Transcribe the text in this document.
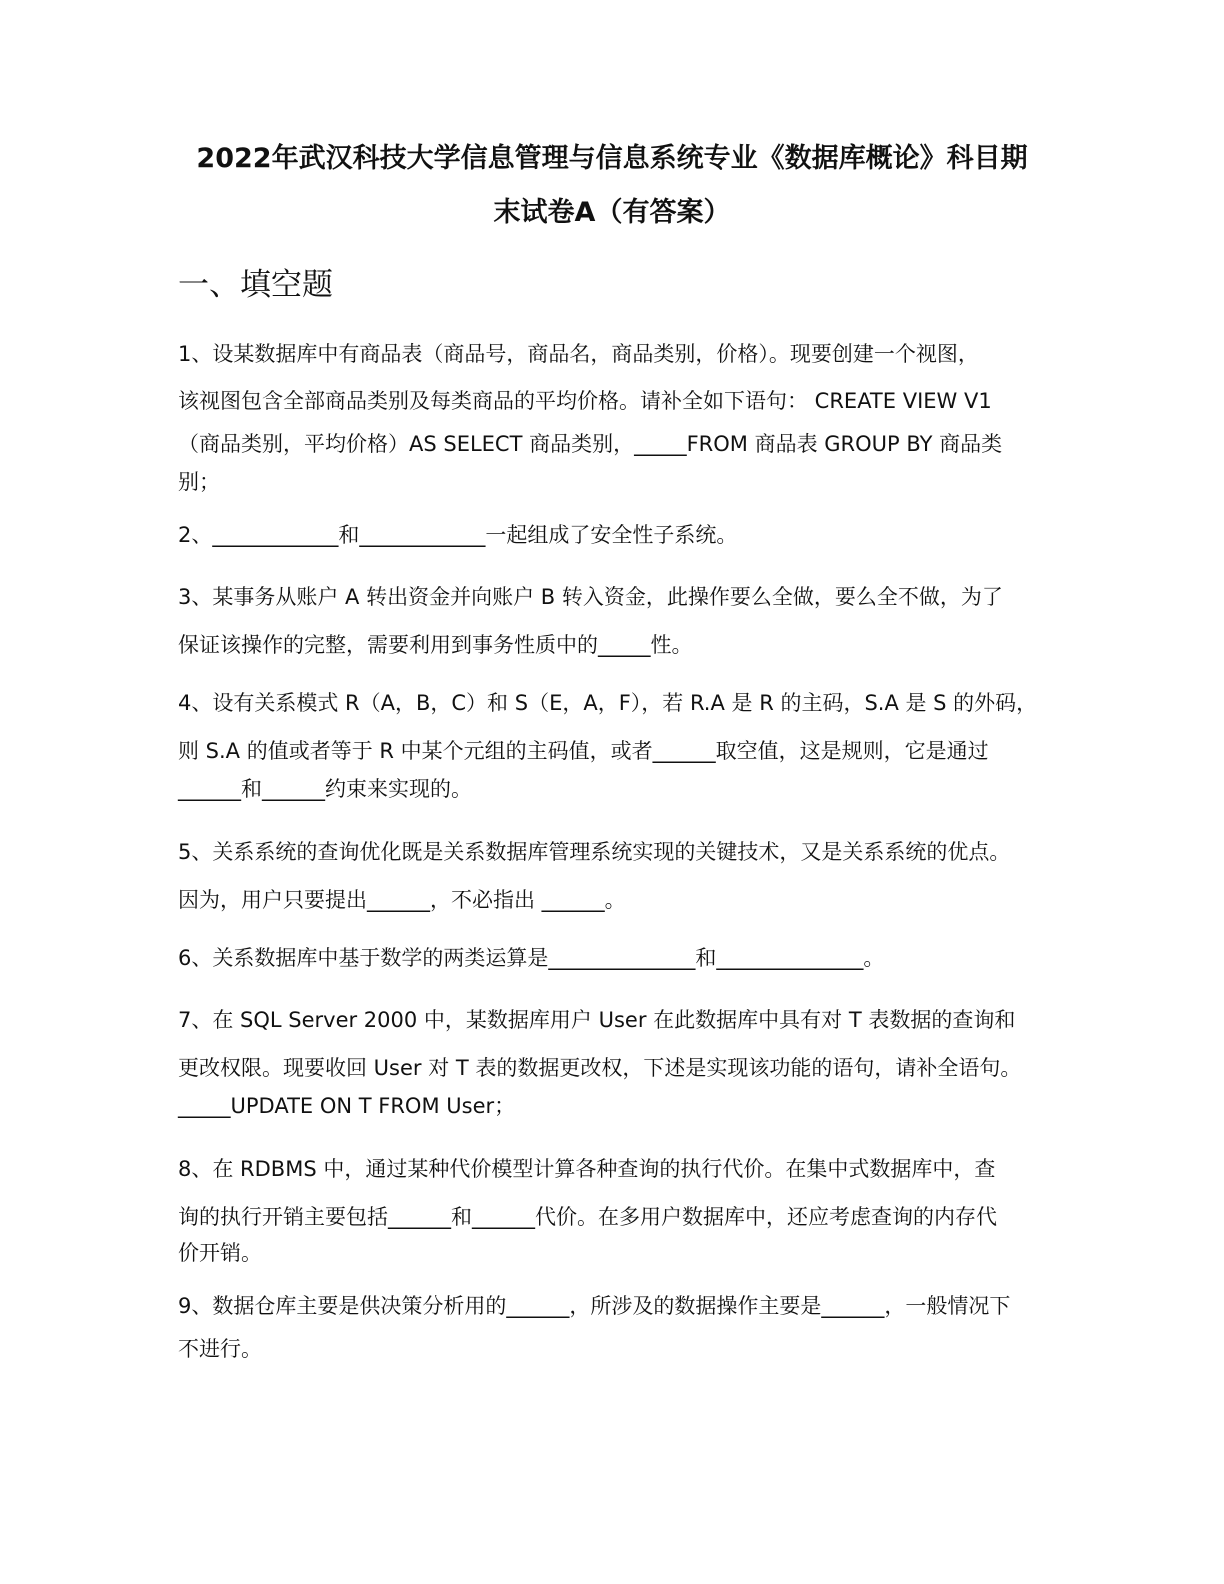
2022年武汉科技大学信息管理与信息系统专业《数据库概论》科目期
末试卷A（有答案）
一、填空题
1、设某数据库中有商品表（商品号，商品名，商品类别，价格）。现要创建一个视图，
该视图包含全部商品类别及每类商品的平均价格。请补全如下语句： CREATE VIEW V1
（商品类别，平均价格）AS SELECT 商品类别，_____FROM 商品表 GROUP BY 商品类
别；
2、____________和____________一起组成了安全性子系统。
3、某事务从账户 A 转出资金并向账户 B 转入资金，此操作要么全做，要么全不做，为了
保证该操作的完整，需要利用到事务性质中的_____性。
4、设有关系模式 R（A，B，C）和 S（E，A，F），若 R.A 是 R 的主码，S.A 是 S 的外码，
则 S.A 的值或者等于 R 中某个元组的主码值，或者______取空值，这是规则，它是通过
______和______约束来实现的。
5、关系系统的查询优化既是关系数据库管理系统实现的关键技术，又是关系系统的优点。
因为，用户只要提出______，不必指出 ______。
6、关系数据库中基于数学的两类运算是______________和______________。
7、在 SQL Server 2000 中，某数据库用户 User 在此数据库中具有对 T 表数据的查询和
更改权限。现要收回 User 对 T 表的数据更改权，下述是实现该功能的语句，请补全语句。
_____UPDATE ON T FROM User；
8、在 RDBMS 中，通过某种代价模型计算各种查询的执行代价。在集中式数据库中，查
询的执行开销主要包括______和______代价。在多用户数据库中，还应考虑查询的内存代
价开销。
9、数据仓库主要是供决策分析用的______，所涉及的数据操作主要是______，一般情况下
不进行。
